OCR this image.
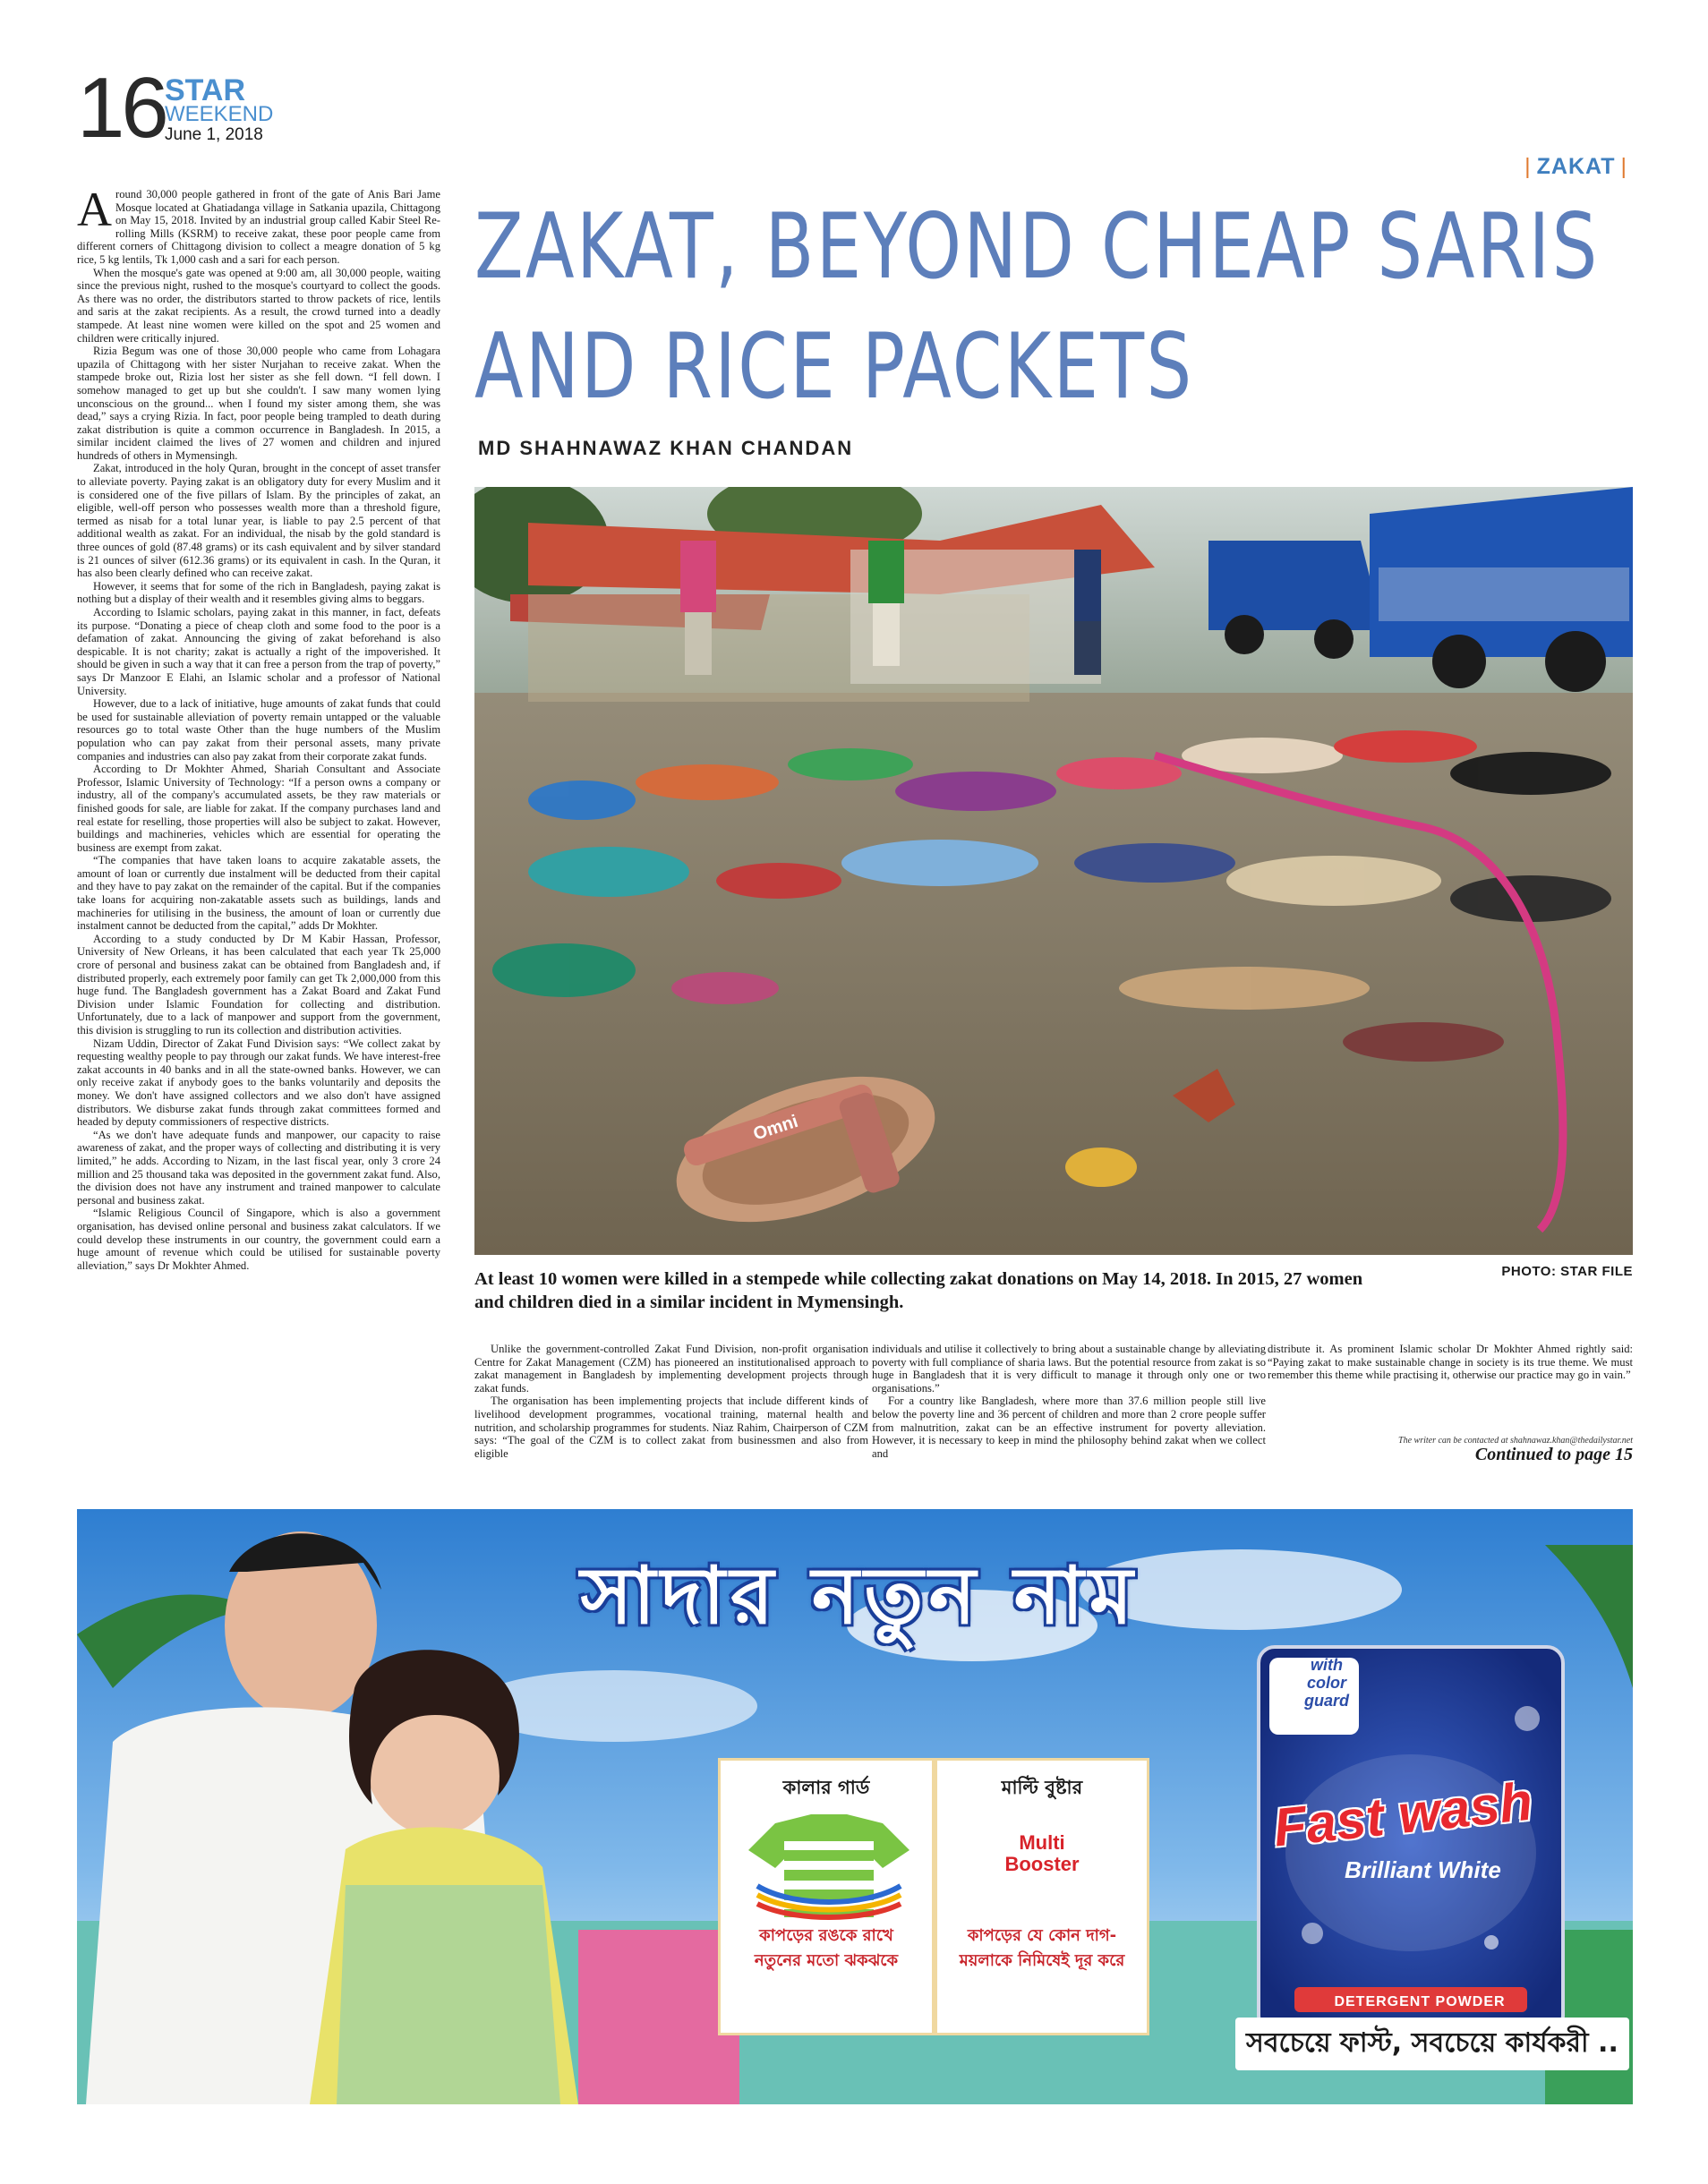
16 STAR
WEEKEND
June 1, 2018
| ZAKAT |
ZAKAT, BEYOND CHEAP SARIS
AND RICE PACKETS
MD SHAHNAWAZ KHAN CHANDAN

Around 30,000 people gathered in front of the gate of Anis Bari Jame Mosque located at Ghatiadanga village in Satkania upazila, Chittagong on May 15, 2018. Invited by an industrial group called Kabir Steel Re-rolling Mills (KSRM) to receive zakat, these poor people came from different corners of Chittagong division to collect a meagre donation of 5 kg rice, 5 kg lentils, Tk 1,000 cash and a sari for each person.

When the mosque's gate was opened at 9:00 am, all 30,000 people, waiting since the previous night, rushed to the mosque's courtyard to collect the goods. As there was no order, the distributors started to throw packets of rice, lentils and saris at the zakat recipients. As a result, the crowd turned into a deadly stampede. At least nine women were killed on the spot and 25 women and children were critically injured.

Rizia Begum was one of those 30,000 people who came from Lohagara upazila of Chittagong with her sister Nurjahan to receive zakat. When the stampede broke out, Rizia lost her sister as she fell down. “I fell down. I somehow managed to get up but she couldn't. I saw many women lying unconscious on the ground... when I found my sister among them, she was dead,” says a crying Rizia. In fact, poor people being trampled to death during zakat distribution is quite a common occurrence in Bangladesh. In 2015, a similar incident claimed the lives of 27 women and children and injured hundreds of others in Mymensingh.

Zakat, introduced in the holy Quran, brought in the concept of asset transfer to alleviate poverty. Paying zakat is an obligatory duty for every Muslim and it is considered one of the five pillars of Islam. By the principles of zakat, an eligible, well-off person who possesses wealth more than a threshold figure, termed as nisab for a total lunar year, is liable to pay 2.5 percent of that additional wealth as zakat. For an individual, the nisab by the gold standard is three ounces of gold (87.48 grams) or its cash equivalent and by silver standard is 21 ounces of silver (612.36 grams) or its equivalent in cash. In the Quran, it has also been clearly defined who can receive zakat.

However, it seems that for some of the rich in Bangladesh, paying zakat is nothing but a display of their wealth and it resembles giving alms to beggars.

According to Islamic scholars, paying zakat in this manner, in fact, defeats its purpose. “Donating a piece of cheap cloth and some food to the poor is a defamation of zakat. Announcing the giving of zakat beforehand is also despicable. It is not charity; zakat is actually a right of the impoverished. It should be given in such a way that it can free a person from the trap of poverty,” says Dr Manzoor E Elahi, an Islamic scholar and a professor of National University.

However, due to a lack of initiative, huge amounts of zakat funds that could be used for sustainable alleviation of poverty remain untapped or the valuable resources go to total waste Other than the huge numbers of the Muslim population who can pay zakat from their personal assets, many private companies and industries can also pay zakat from their corporate zakat funds.

According to Dr Mokhter Ahmed, Shariah Consultant and Associate Professor, Islamic University of Technology: “If a person owns a company or industry, all of the company's accumulated assets, be they raw materials or finished goods for sale, are liable for zakat. If the company purchases land and real estate for reselling, those properties will also be subject to zakat. However, buildings and machineries, vehicles which are essential for operating the business are exempt from zakat.

“The companies that have taken loans to acquire zakatable assets, the amount of loan or currently due instalment will be deducted from their capital and they have to pay zakat on the remainder of the capital. But if the companies take loans for acquiring non-zakatable assets such as buildings, lands and machineries for utilising in the business, the amount of loan or currently due instalment cannot be deducted from the capital,” adds Dr Mokhter.

According to a study conducted by Dr M Kabir Hassan, Professor, University of New Orleans, it has been calculated that each year Tk 25,000 crore of personal and business zakat can be obtained from Bangladesh and, if distributed properly, each extremely poor family can get Tk 2,000,000 from this huge fund. The Bangladesh government has a Zakat Board and Zakat Fund Division under Islamic Foundation for collecting and distribution. Unfortunately, due to a lack of manpower and support from the government, this division is struggling to run its collection and distribution activities.

Nizam Uddin, Director of Zakat Fund Division says: “We collect zakat by requesting wealthy people to pay through our zakat funds. We have interest-free zakat accounts in 40 banks and in all the state-owned banks. However, we can only receive zakat if anybody goes to the banks voluntarily and deposits the money. We don't have assigned collectors and we also don't have assigned distributors. We disburse zakat funds through zakat committees formed and headed by deputy commissioners of respective districts.

“As we don't have adequate funds and manpower, our capacity to raise awareness of zakat, and the proper ways of collecting and distributing it is very limited,” he adds. According to Nizam, in the last fiscal year, only 3 crore 24 million and 25 thousand taka was deposited in the government zakat fund. Also, the division does not have any instrument and trained manpower to calculate personal and business zakat.

“Islamic Religious Council of Singapore, which is also a government organisation, has devised online personal and business zakat calculators. If we could develop these instruments in our country, the government could earn a huge amount of revenue which could be utilised for sustainable poverty alleviation,” says Dr Mokhter Ahmed.

Omni
At least 10 women were killed in a stempede while collecting zakat donations on May 14, 2018. In 2015, 27 women and children died in a similar incident in Mymensingh.
PHOTO: STAR FILE

Unlike the government-controlled Zakat Fund Division, non-profit organisation Centre for Zakat Management (CZM) has pioneered an institutionalised approach to zakat management in Bangladesh by implementing development projects through zakat funds.

The organisation has been implementing projects that include different kinds of livelihood development programmes, vocational training, maternal health and nutrition, and scholarship programmes for students. Niaz Rahim, Chairperson of CZM says: “The goal of the CZM is to collect zakat from businessmen and also from eligible

individuals and utilise it collectively to bring about a sustainable change by alleviating poverty with full compliance of sharia laws. But the potential resource from zakat is so huge in Bangladesh that it is very difficult to manage it through only one or two organisations.”

For a country like Bangladesh, where more than 37.6 million people still live below the poverty line and 36 percent of children and more than 2 crore people suffer from malnutrition, zakat can be an effective instrument for poverty alleviation. However, it is necessary to keep in mind the philosophy behind zakat when we collect and

distribute it. As prominent Islamic scholar Dr Mokhter Ahmed rightly said: “Paying zakat to make sustainable change in society is its true theme. We must remember this theme while practising it, otherwise our practice may go in vain.”

The writer can be contacted at shahnawaz.khan@thedailystar.net
Continued to page 15
সাদার নতুন নাম
কালার গার্ড
কাপড়ের রঙকে রাখে
নতুনের মতো ঝকঝকে
মাল্টি বুষ্টার
Multi
Booster
কাপড়ের যে কোন দাগ-
ময়লাকে নিমিষেই দূর করে
with
color
guard
Fast wash
Brilliant White
DETERGENT POWDER
সবচেয়ে ফাস্ট, সবচেয়ে কার্যকরী ..
